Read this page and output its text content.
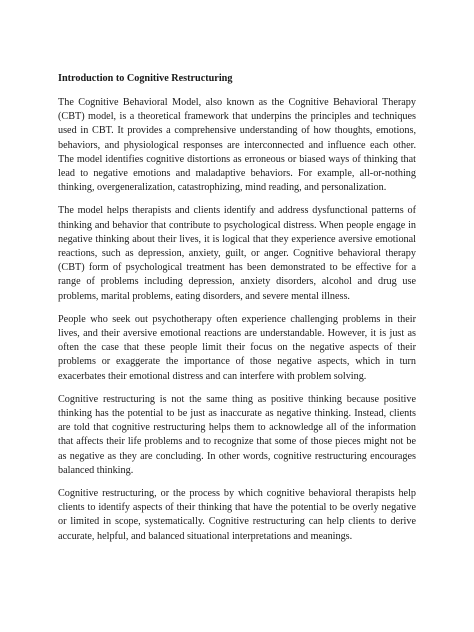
Introduction to Cognitive Restructuring

The Cognitive Behavioral Model, also known as the Cognitive Behavioral Therapy (CBT) model, is a theoretical framework that underpins the principles and techniques used in CBT. It provides a comprehensive understanding of how thoughts, emotions, behaviors, and physiological responses are interconnected and influence each other. The model identifies cognitive distortions as erroneous or biased ways of thinking that lead to negative emotions and maladaptive behaviors. For example, all-or-nothing thinking, overgeneralization, catastrophizing, mind reading, and personalization.

The model helps therapists and clients identify and address dysfunctional patterns of thinking and behavior that contribute to psychological distress. When people engage in negative thinking about their lives, it is logical that they experience aversive emotional reactions, such as depression, anxiety, guilt, or anger. Cognitive behavioral therapy (CBT) form of psychological treatment has been demonstrated to be effective for a range of problems including depression, anxiety disorders, alcohol and drug use problems, marital problems, eating disorders, and severe mental illness.

People who seek out psychotherapy often experience challenging problems in their lives, and their aversive emotional reactions are understandable. However, it is just as often the case that these people limit their focus on the negative aspects of their problems or exaggerate the importance of those negative aspects, which in turn exacerbates their emotional distress and can interfere with problem solving.

Cognitive restructuring is not the same thing as positive thinking because positive thinking has the potential to be just as inaccurate as negative thinking. Instead, clients are told that cognitive restructuring helps them to acknowledge all of the information that affects their life problems and to recognize that some of those pieces might not be as negative as they are concluding. In other words, cognitive restructuring encourages balanced thinking.

Cognitive restructuring, or the process by which cognitive behavioral therapists help clients to identify aspects of their thinking that have the potential to be overly negative or limited in scope, systematically. Cognitive restructuring can help clients to derive accurate, helpful, and balanced situational interpretations and meanings.
